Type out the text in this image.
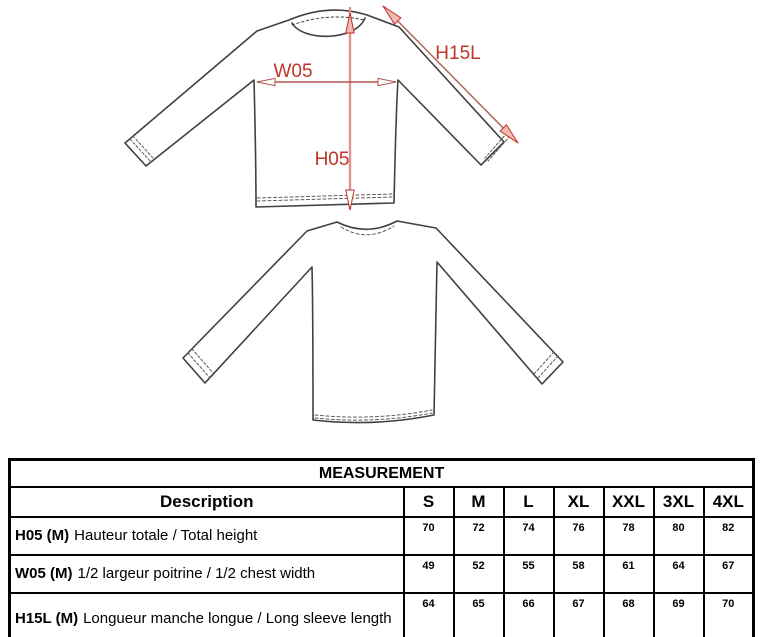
H05
W05
H15L
MEASUREMENT							
Description	S	M	L	XL	XXL	3XL	4XL
H05 (M) Hauteur totale / Total height	70	72	74	76	78	80	82
W05 (M) 1/2 largeur poitrine / 1/2 chest width	49	52	55	58	61	64	67
H15L (M) Longueur manche longue / Long sleeve length	64	65	66	67	68	69	70
